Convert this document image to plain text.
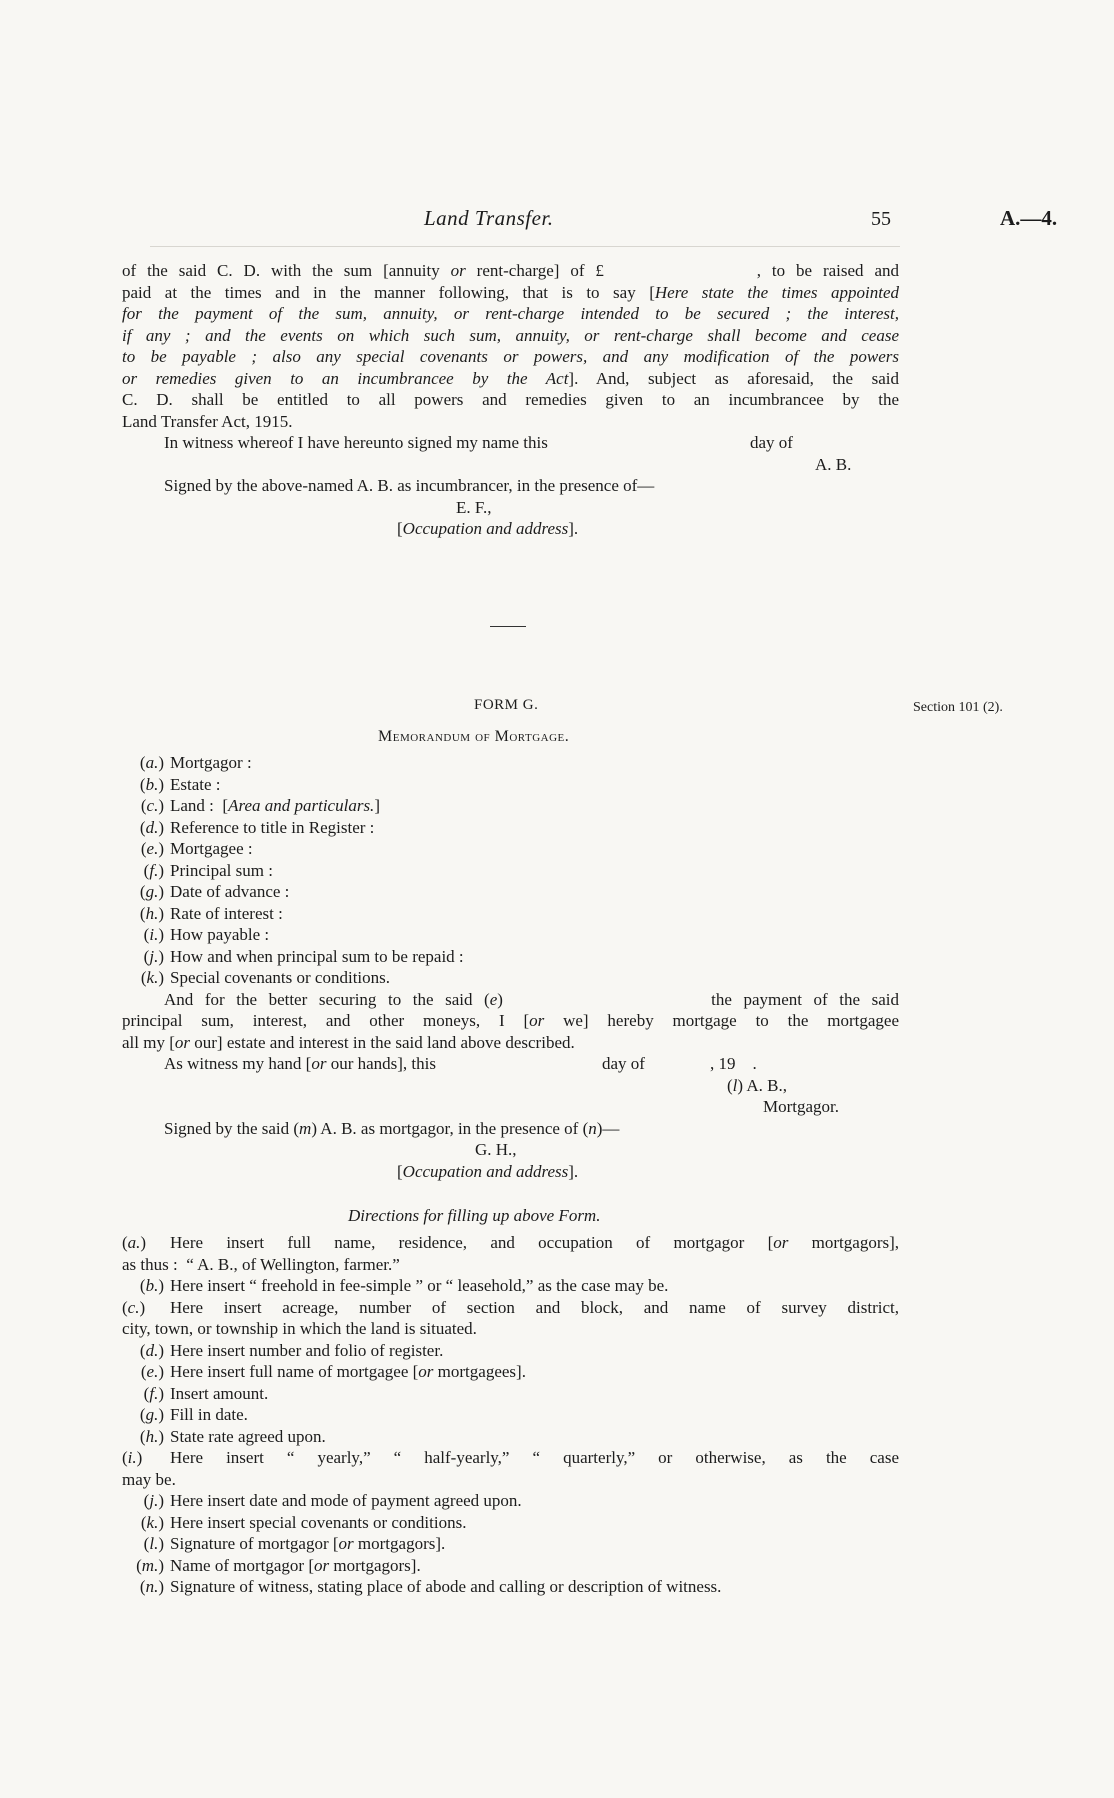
Land Transfer.	55	A.—4.
of the said C. D. with the sum [annuity or rent-charge] of £              , to be raised and
paid at the times and in the manner following, that is to say [Here state the times appointed
for the payment of the sum, annuity, or rent-charge intended to be secured ; the interest,
if any ; and the events on which such sum, annuity, or rent-charge shall become and cease
to be payable ; also any special covenants or powers, and any modification of the powers
or remedies given to an incumbrancee by the Act]. And, subject as aforesaid, the said
C. D. shall be entitled to all powers and remedies given to an incumbrancee by the
Land Transfer Act, 1915.
In witness whereof I have hereunto signed my name this	day of
A. B.
Signed by the above-named A. B. as incumbrancer, in the presence of—
E. F.,
[Occupation and address].
FORM G.	Section 101 (2).
Memorandum of Mortgage.
(a.) Mortgagor :
(b.) Estate :
(c.) Land :  [Area and particulars.]
(d.) Reference to title in Register :
(e.) Mortgagee :
(f.) Principal sum :
(g.) Date of advance :
(h.) Rate of interest :
(i.) How payable :
(j.) How and when principal sum to be repaid :
(k.) Special covenants or conditions.
And for the better securing to the said (e)                  the payment of the said
principal sum, interest, and other moneys, I [or we] hereby mortgage to the mortgagee
all my [or our] estate and interest in the said land above described.
As witness my hand [or our hands], this	day of	, 19    .
(l) A. B.,
Mortgagor.
Signed by the said (m) A. B. as mortgagor, in the presence of (n)—
G. H.,
[Occupation and address].
Directions for filling up above Form.
(a.)	Here insert full name, residence, and occupation of mortgagor [or mortgagors],
as thus :  “ A. B., of Wellington, farmer.”
(b.) Here insert “ freehold in fee-simple ” or “ leasehold,” as the case may be.
(c.)	Here insert acreage, number of section and block, and name of survey district,
city, town, or township in which the land is situated.
(d.) Here insert number and folio of register.
(e.) Here insert full name of mortgagee [or mortgagees].
(f.) Insert amount.
(g.) Fill in date.
(h.) State rate agreed upon.
(i.)	Here insert “ yearly,” “ half-yearly,” “ quarterly,” or otherwise, as the case
may be.
(j.) Here insert date and mode of payment agreed upon.
(k.) Here insert special covenants or conditions.
(l.) Signature of mortgagor [or mortgagors].
(m.) Name of mortgagor [or mortgagors].
(n.) Signature of witness, stating place of abode and calling or description of witness.
